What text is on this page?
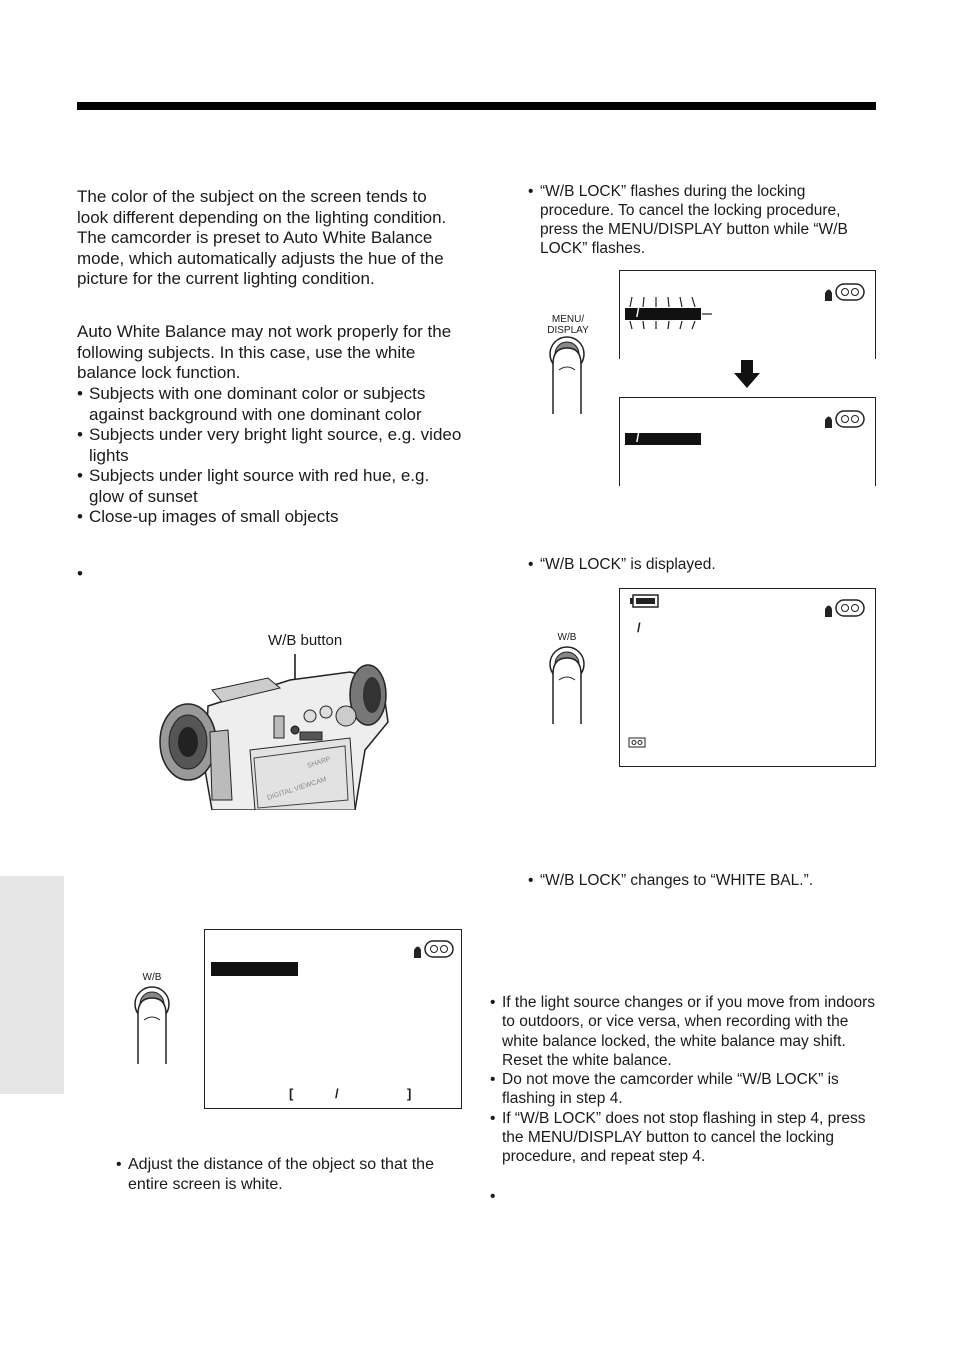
The color of the subject on the screen tends to look different depending on the lighting condition. The camcorder is preset to Auto White Balance mode, which automatically adjusts the hue of the picture for the current lighting condition.

Auto White Balance may not work properly for the following subjects. In this case, use the white balance lock function.

• Subjects with one dominant color or subjects against background with one dominant color
• Subjects under very bright light source, e.g. video lights
• Subjects under light source with red hue, e.g. glow of sunset
• Close-up images of small objects
•
W/B button
SHARP
DIGITAL VIEWCAM
W/B
[	/	]
• Adjust the distance of the object so that the entire screen is white.
• “W/B LOCK” flashes during the locking procedure. To cancel the locking procedure, press the MENU/DISPLAY button while “W/B LOCK” flashes.
MENU/
DISPLAY
/
/
• “W/B LOCK” is displayed.
W/B
/
• “W/B LOCK” changes to “WHITE BAL.”.
• If the light source changes or if you move from indoors to outdoors, or vice versa, when recording with the white balance locked, the white balance may shift. Reset the white balance.
• Do not move the camcorder while “W/B LOCK” is flashing in step 4.
• If “W/B LOCK” does not stop flashing in step 4, press the MENU/DISPLAY button to cancel the locking procedure, and repeat step 4.
•
